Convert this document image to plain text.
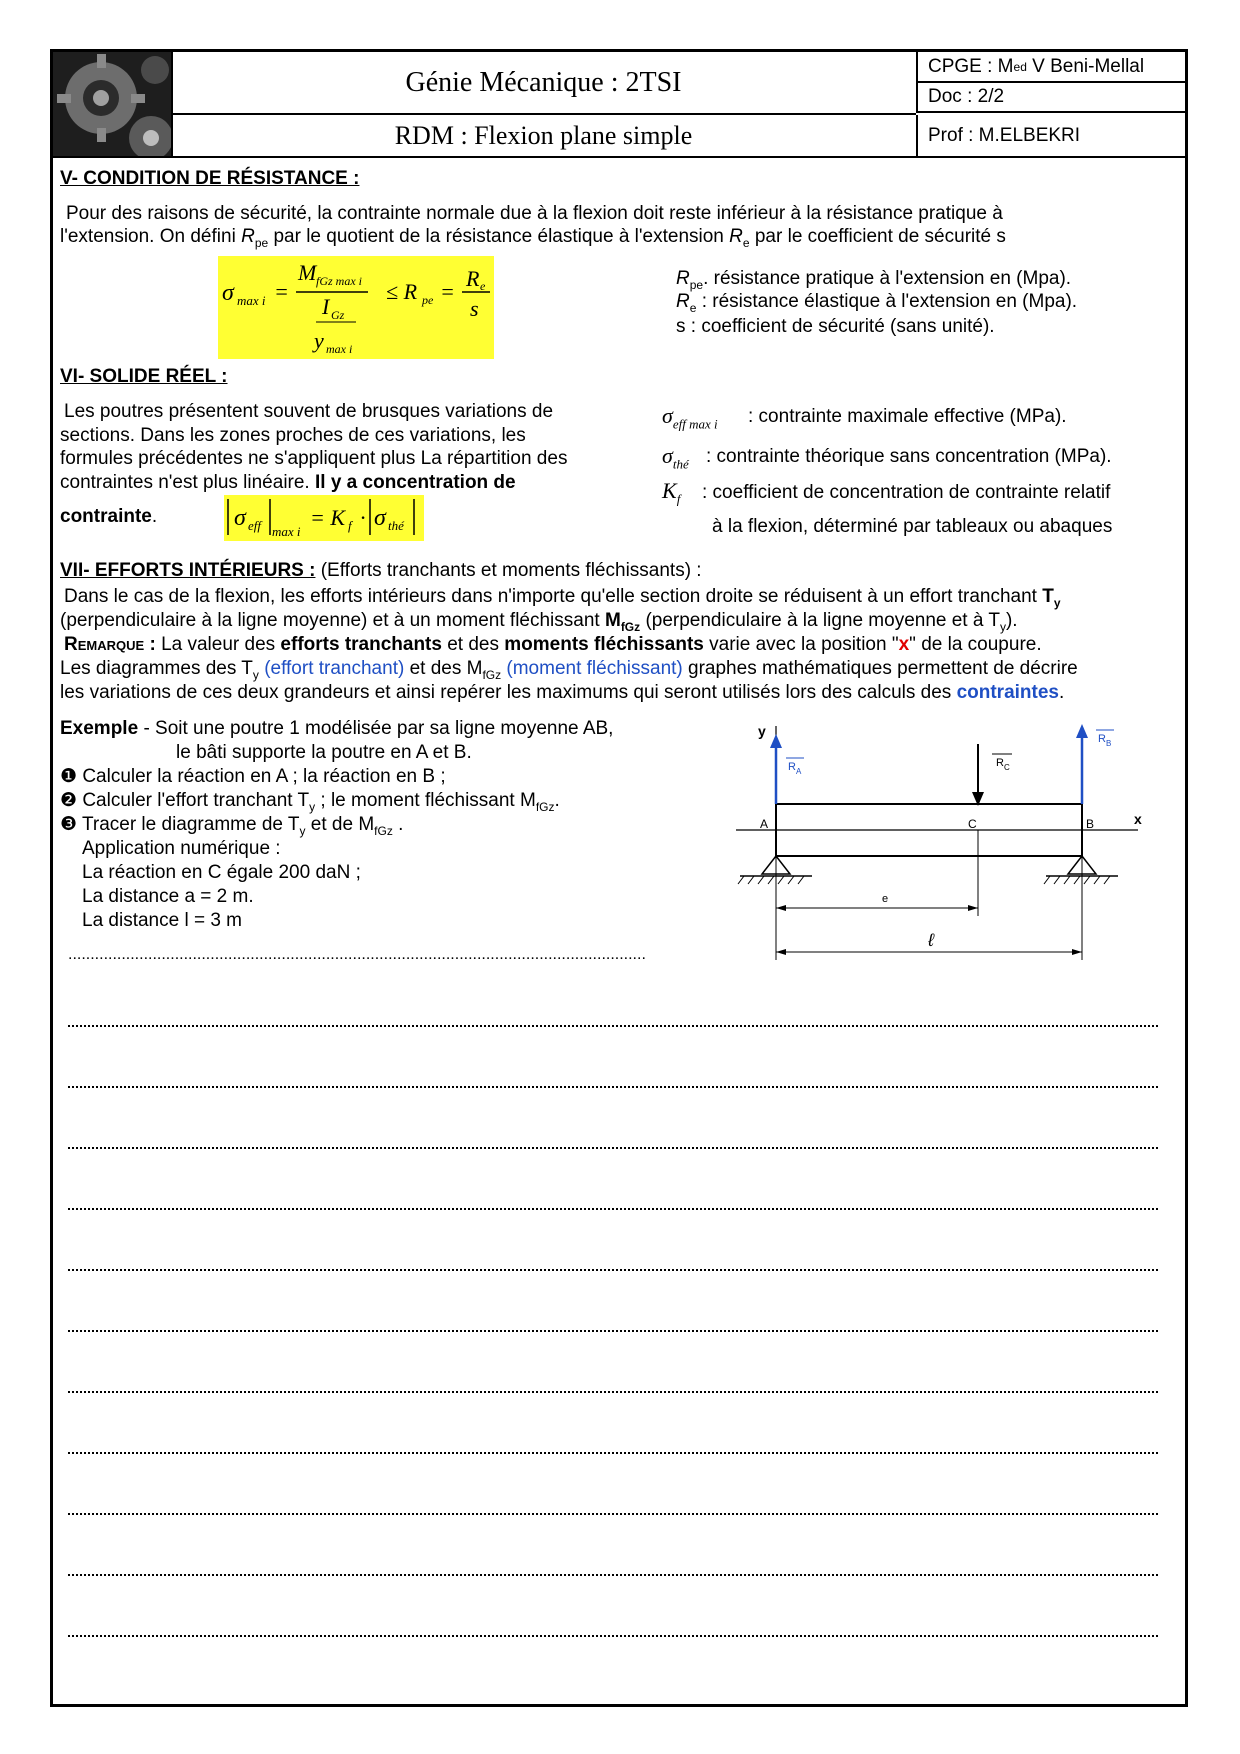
Génie Mécanique : 2TSI
RDM : Flexion plane simple
CPGE : M ed V Beni-Mellal
Doc : 2/2
Prof : M.ELBEKRI
V- CONDITION DE RÉSISTANCE :
Pour des raisons de sécurité, la contrainte normale due à la flexion doit reste inférieur à la résistance pratique à
l'extension. On défini $R_{pe}$ par le quotient de la résistance élastique à l'extension $R_e$ par le coefficient de sécurité s
σ max i =
M fGz max i
I Gz
y max i
≤ R pe =
R e
s
$R_{pe}$. résistance pratique à l'extension en (Mpa).
$R_e$ : résistance élastique à l'extension en (Mpa).
s : coefficient de sécurité (sans unité).
VI- SOLIDE RÉEL :
Les poutres présentent souvent de brusques variations de
sections. Dans les zones proches de ces variations, les
formules précédentes ne s'appliquent plus La répartition des
contraintes n'est plus linéaire. Il y a concentration de
contrainte.	σ eff max i
= K f · σ thé
$\sigma_{eff max i}$ : contrainte maximale effective (MPa).
$\sigma_{thé}$ : contrainte théorique sans concentration (MPa).
$K_f$ : coefficient de concentration de contrainte relatif
à la flexion, déterminé par tableaux ou abaques
VII- EFFORTS INTÉRIEURS : (Efforts tranchants et moments fléchissants) :
Dans le cas de la flexion, les efforts intérieurs dans n'importe qu'elle section droite se réduisent à un effort tranchant $T_y$
(perpendiculaire à la ligne moyenne) et à un moment fléchissant $M_{fGz}$ (perpendiculaire à la ligne moyenne et à $T_y$).
Remarque : La valeur des efforts tranchants et des moments fléchissants varie avec la position "x" de la coupure.
Les diagrammes des $T_y$ (effort tranchant) et des $M_{fGz}$ (moment fléchissant) graphes mathématiques permettent de décrire
les variations de ces deux grandeurs et ainsi repérer les maximums qui seront utilisés lors des calculs des contraintes.
Exemple - Soit une poutre 1 modélisée par sa ligne moyenne AB,
le bâti supporte la poutre en A et B.
❶ Calculer la réaction en A ; la réaction en B ;
❷ Calculer l'effort tranchant $T_y$ ; le moment fléchissant $M_{fGz}$.
❸ Tracer le diagramme de $T_y$ et de $M_{fGz}$ .
Application numérique :
La réaction en C égale 200 daN ;
La distance a = 2 m.
La distance l = 3 m
..................................................................................................................................
y
x
A	C	B
R A
R B
R C
e
ℓ
